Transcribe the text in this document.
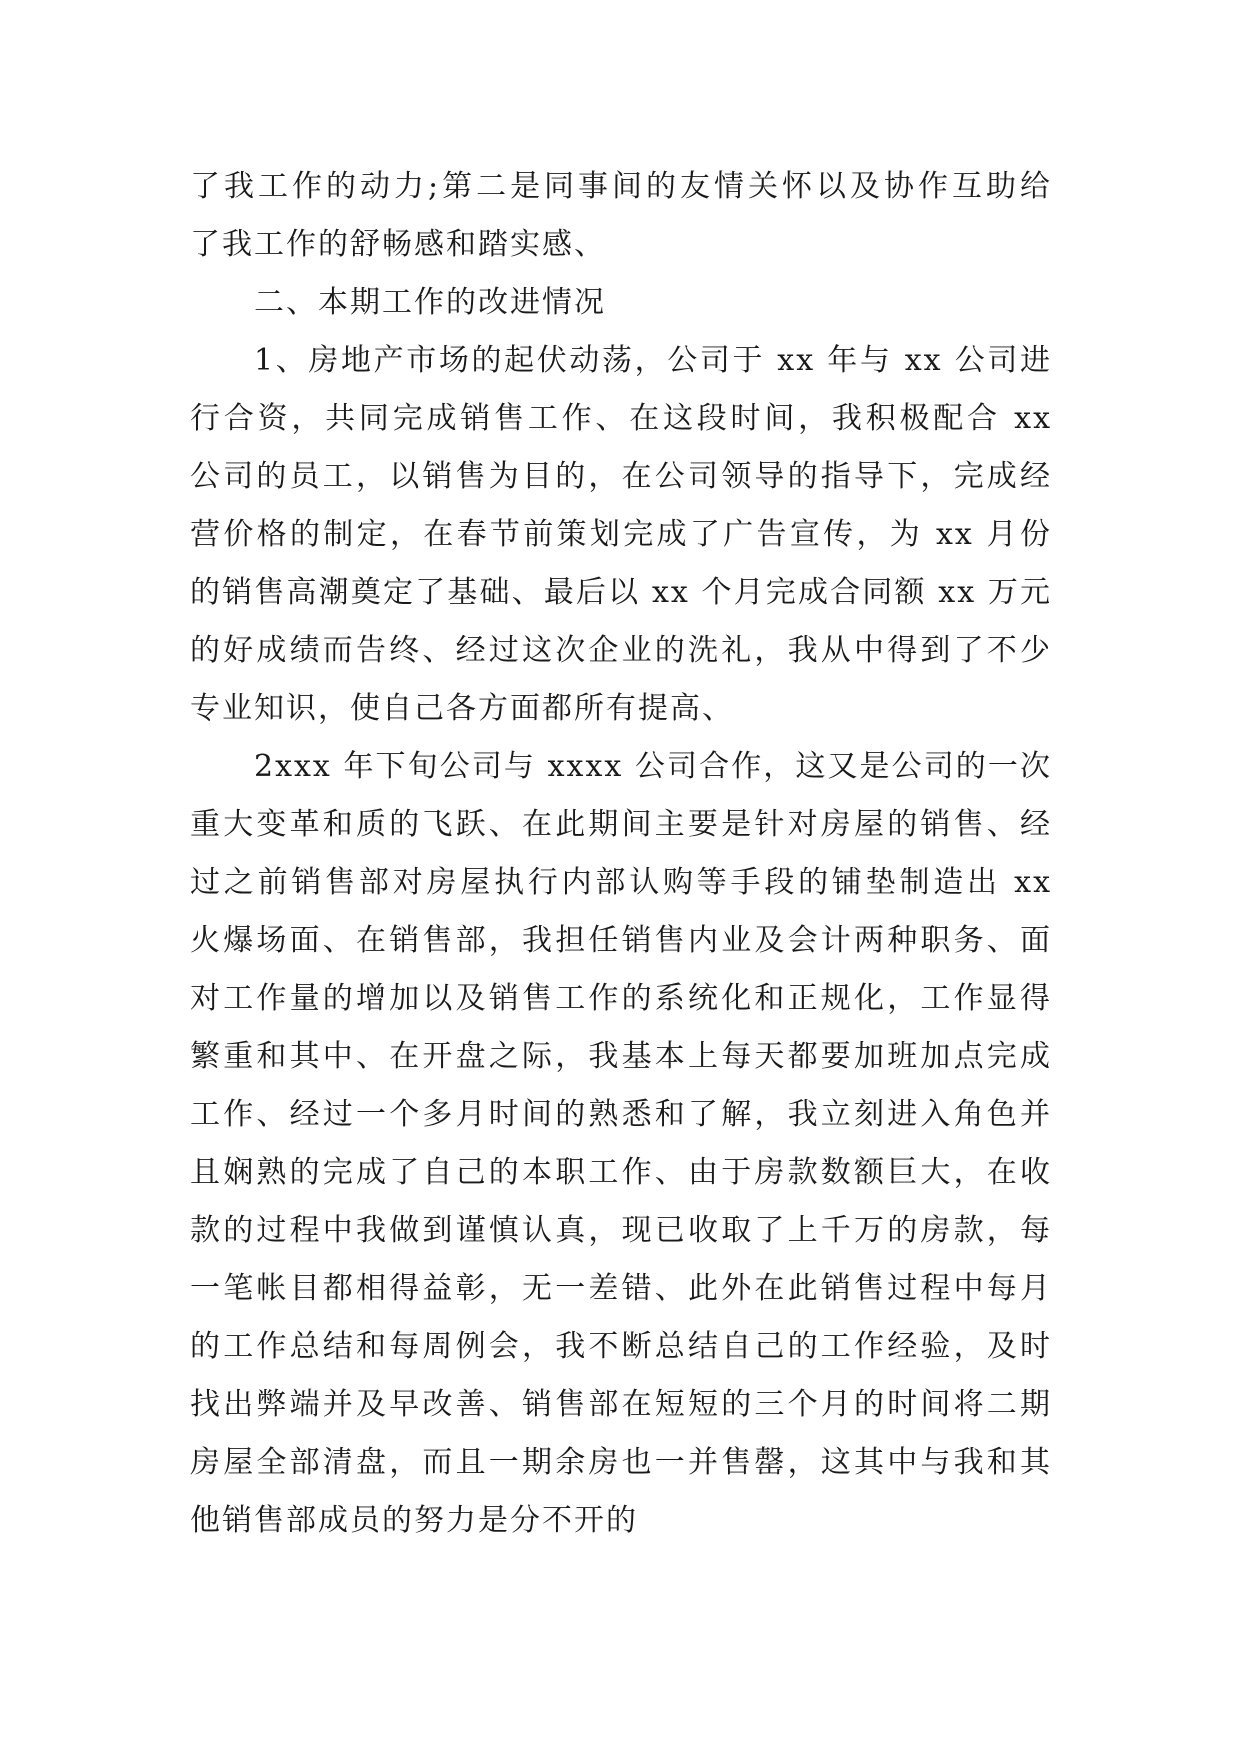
了我工作的动力;第二是同事间的友情关怀以及协作互助给
了我工作的舒畅感和踏实感、
二、本期工作的改进情况
1、房地产市场的起伏动荡，公司于 xx 年与 xx 公司进
行合资，共同完成销售工作、在这段时间，我积极配合 xx
公司的员工，以销售为目的，在公司领导的指导下，完成经
营价格的制定，在春节前策划完成了广告宣传，为 xx 月份
的销售高潮奠定了基础、最后以 xx 个月完成合同额 xx 万元
的好成绩而告终、经过这次企业的洗礼，我从中得到了不少
专业知识，使自己各方面都所有提高、
2xxx 年下旬公司与 xxxx 公司合作，这又是公司的一次
重大变革和质的飞跃、在此期间主要是针对房屋的销售、经
过之前销售部对房屋执行内部认购等手段的铺垫制造出 xx
火爆场面、在销售部，我担任销售内业及会计两种职务、面
对工作量的增加以及销售工作的系统化和正规化，工作显得
繁重和其中、在开盘之际，我基本上每天都要加班加点完成
工作、经过一个多月时间的熟悉和了解，我立刻进入角色并
且娴熟的完成了自己的本职工作、由于房款数额巨大，在收
款的过程中我做到谨慎认真，现已收取了上千万的房款，每
一笔帐目都相得益彰，无一差错、此外在此销售过程中每月
的工作总结和每周例会，我不断总结自己的工作经验，及时
找出弊端并及早改善、销售部在短短的三个月的时间将二期
房屋全部清盘，而且一期余房也一并售罄，这其中与我和其
他销售部成员的努力是分不开的
